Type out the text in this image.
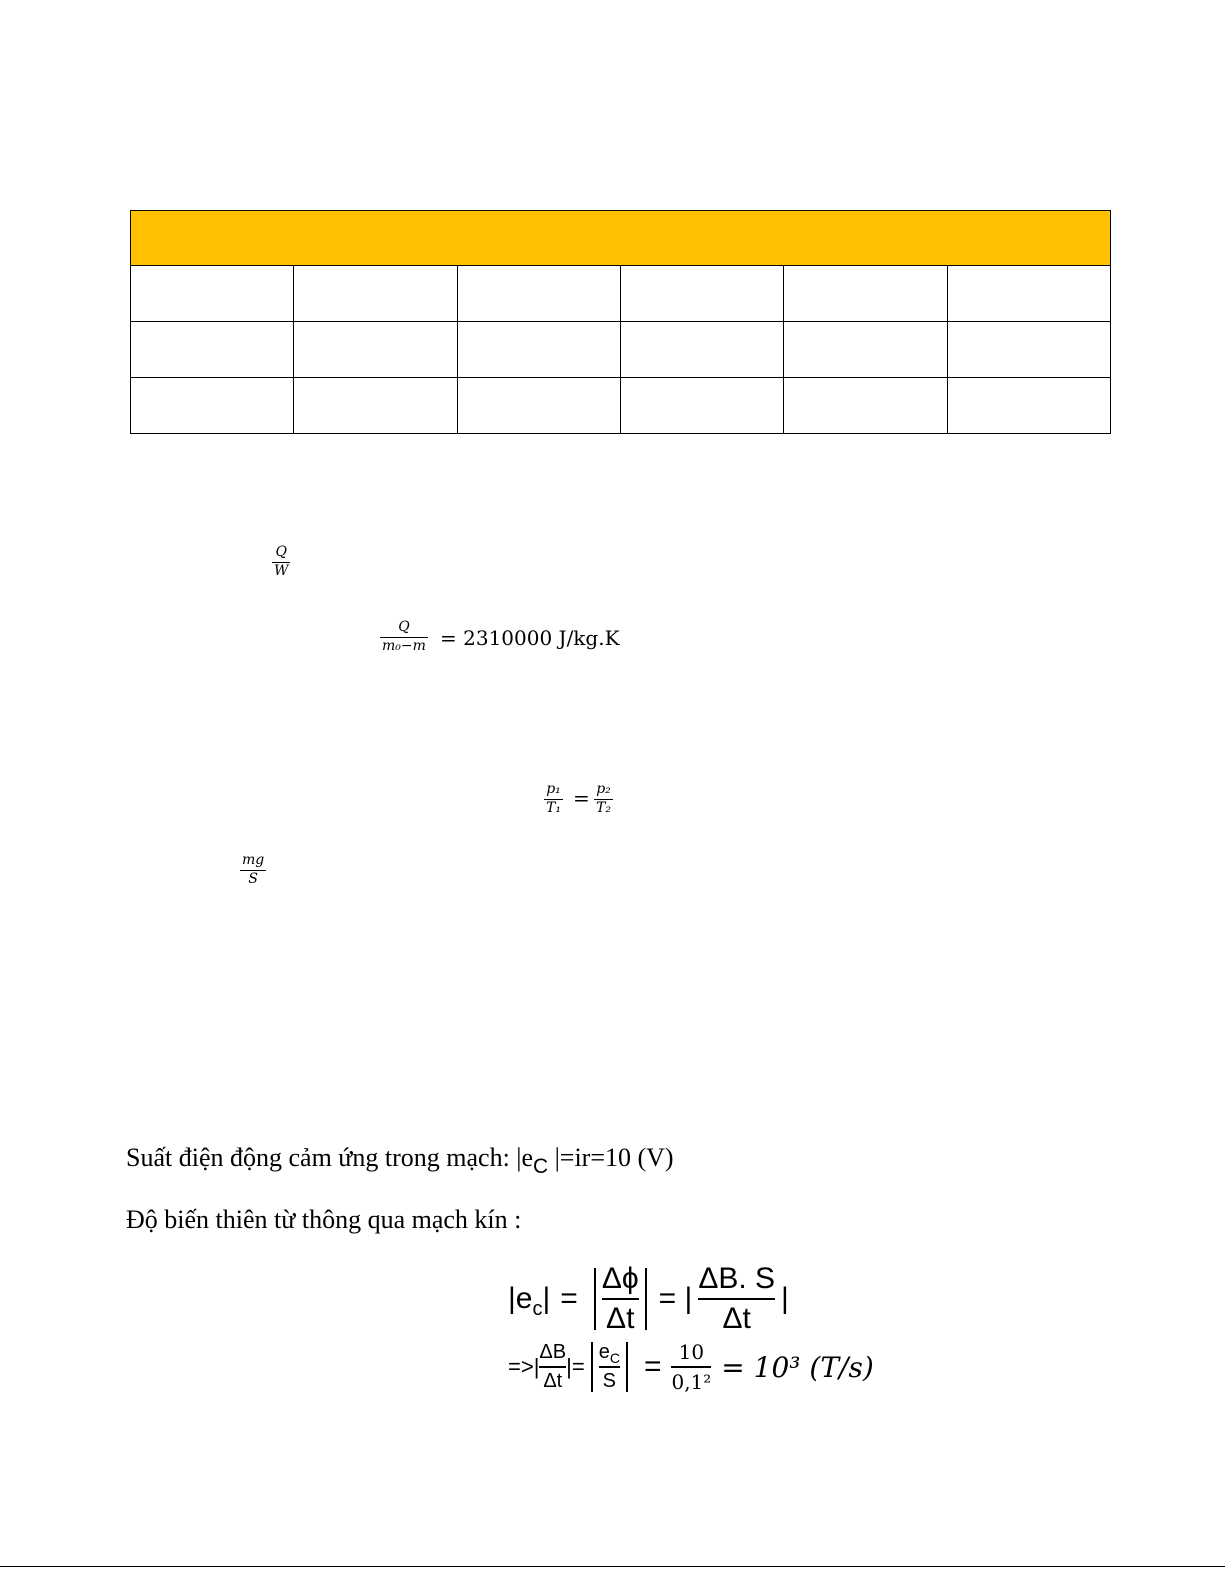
Q
W
Q
m₀−m = 2310000 J/kg.K
p₁
T₁ = p₂
T₂
mg
S
Suất điện động cảm ứng trong mạch: $|e_C$ |=ir=10 (V)
Độ biến thiên từ thông qua mạch kín :
$|e_c|$ =
Δϕ
Δt
= |
ΔB. S
Δt
|
=>|
ΔB
Δt
|=
$e_C$
S = 10
0,1² = 10³ (T/s)
